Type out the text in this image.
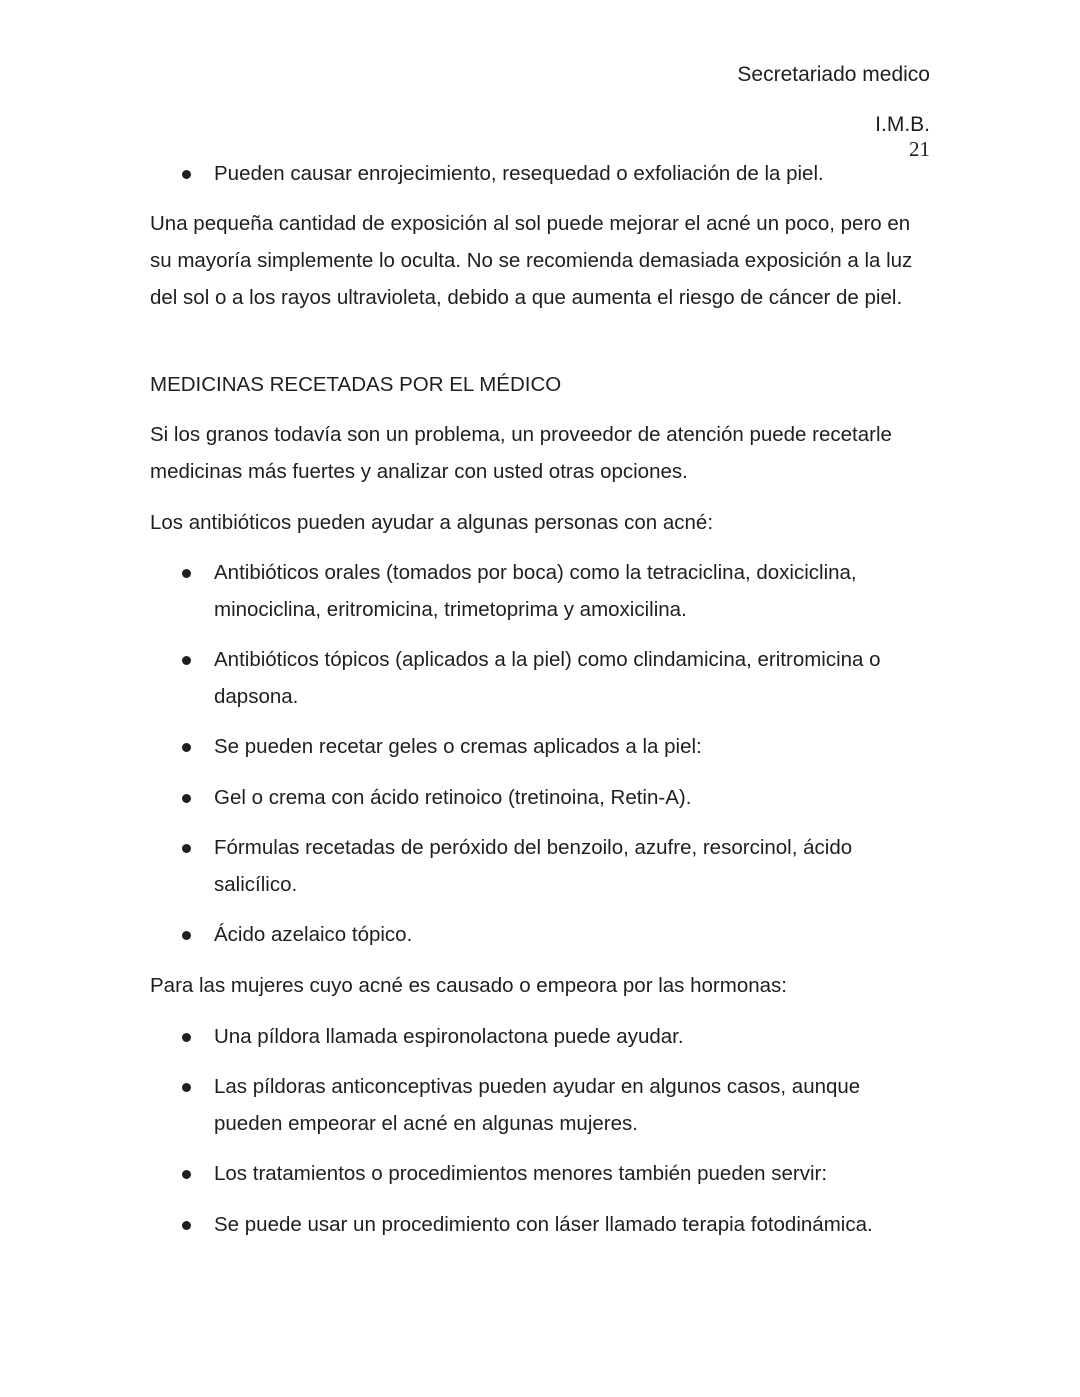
Secretariado medico
I.M.B.
21
Pueden causar enrojecimiento, resequedad o exfoliación de la piel.
Una pequeña cantidad de exposición al sol puede mejorar el acné un poco, pero en su mayoría simplemente lo oculta. No se recomienda demasiada exposición a la luz del sol o a los rayos ultravioleta, debido a que aumenta el riesgo de cáncer de piel.
MEDICINAS RECETADAS POR EL MÉDICO
Si los granos todavía son un problema, un proveedor de atención puede recetarle medicinas más fuertes y analizar con usted otras opciones.
Los antibióticos pueden ayudar a algunas personas con acné:
Antibióticos orales (tomados por boca) como la tetraciclina, doxiciclina, minociclina, eritromicina, trimetoprima y amoxicilina.
Antibióticos tópicos (aplicados a la piel) como clindamicina, eritromicina o dapsona.
Se pueden recetar geles o cremas aplicados a la piel:
Gel o crema con ácido retinoico (tretinoina, Retin-A).
Fórmulas recetadas de peróxido del benzoilo, azufre, resorcinol, ácido salicílico.
Ácido azelaico tópico.
Para las mujeres cuyo acné es causado o empeora por las hormonas:
Una píldora llamada espironolactona puede ayudar.
Las píldoras anticonceptivas pueden ayudar en algunos casos, aunque pueden empeorar el acné en algunas mujeres.
Los tratamientos o procedimientos menores también pueden servir:
Se puede usar un procedimiento con láser llamado terapia fotodinámica.
